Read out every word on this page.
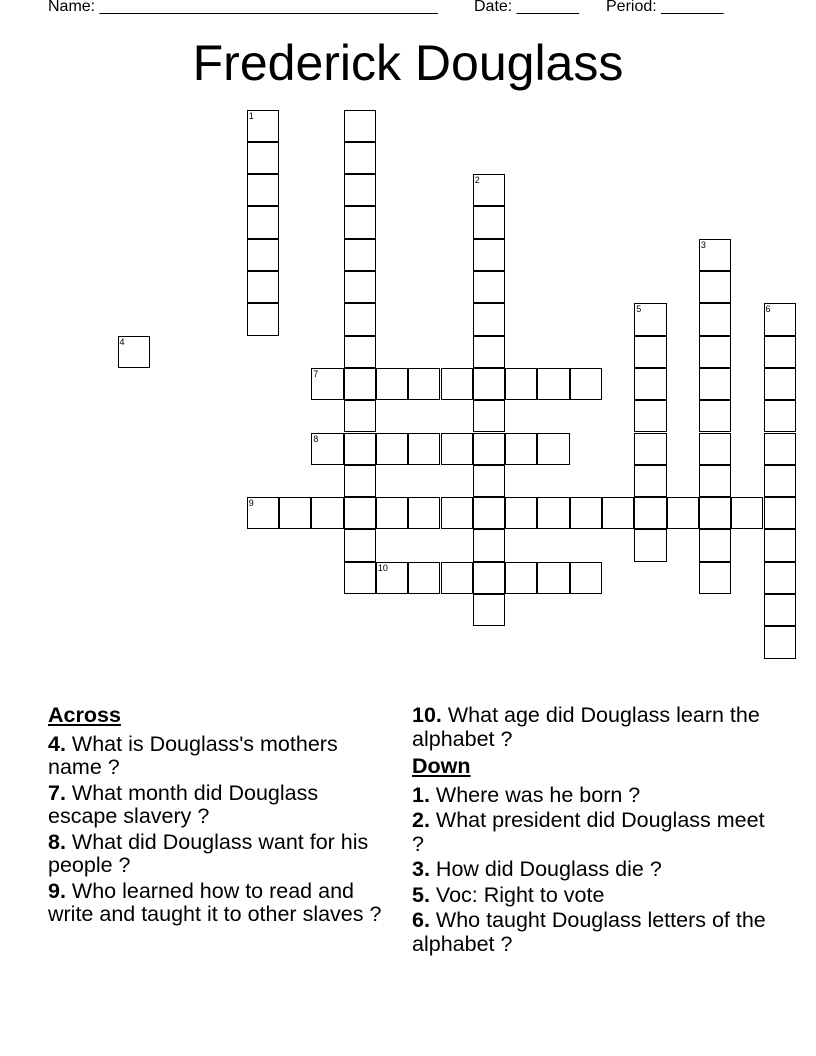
Name: ______________________________________ Date: _______ Period: _______
Frederick Douglass
1
2
3
5	6
7
8
9
10
4
Across
4. What is Douglass's mothers name ?
7. What month did Douglass escape slavery ?
8. What did Douglass want for his people ?
9. Who learned how to read and write and taught it to other slaves ?
10. What age did Douglass learn the alphabet ?
Down
1. Where was he born ?
2. What president did Douglass meet ?
3. How did Douglass die ?
5. Voc: Right to vote
6. Who taught Douglass letters of the alphabet ?
